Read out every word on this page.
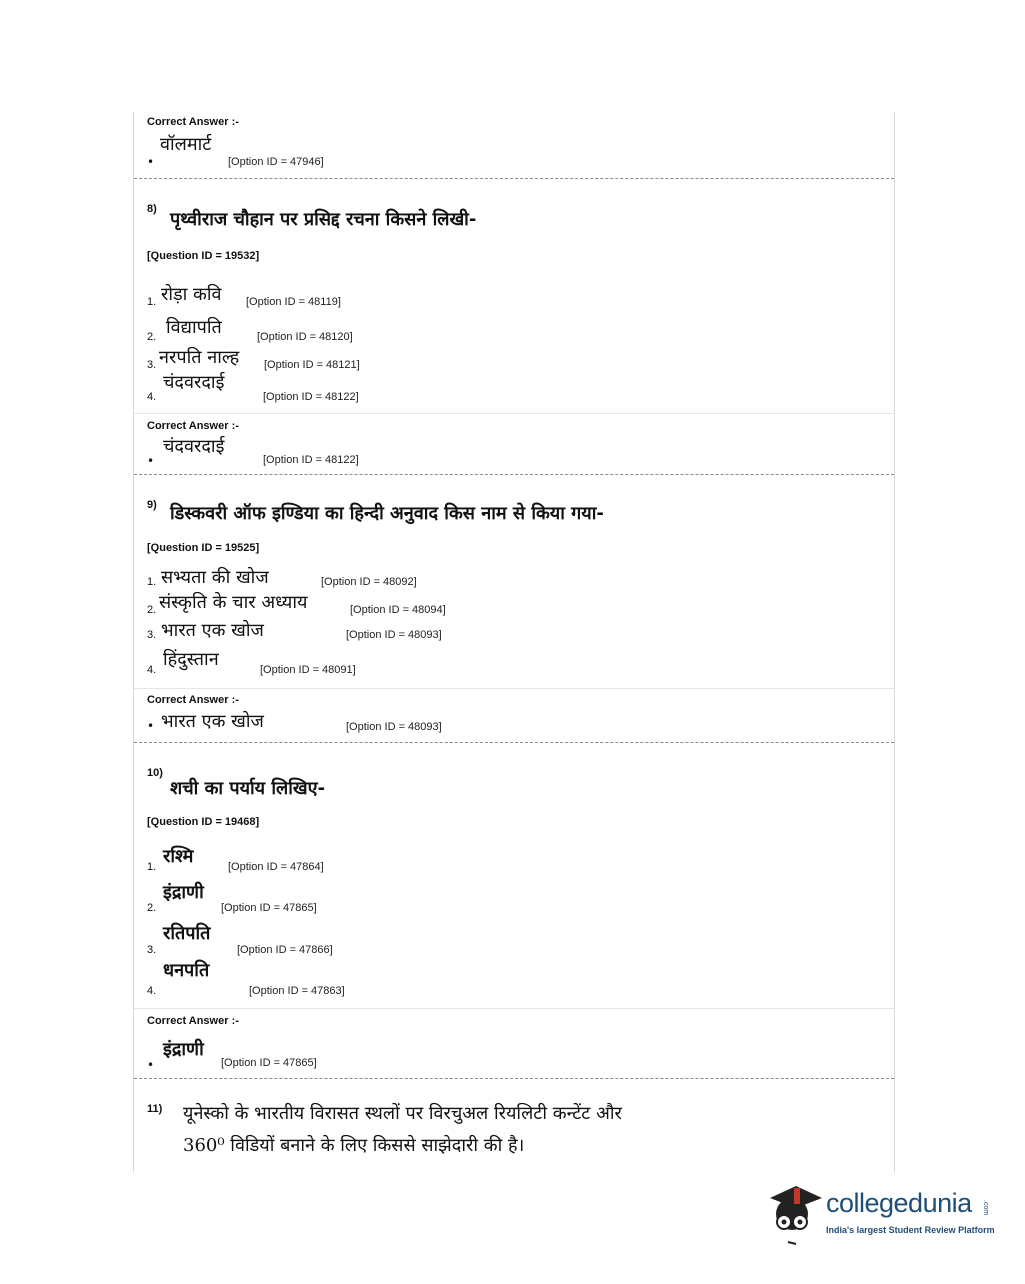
Correct Answer :-
वॉलमार्ट
•	[Option ID = 47946]
8) पृथ्वीराज चौहान पर प्रसिद्द रचना किसने लिखी-
[Question ID = 19532]
1. रोड़ा कवि [Option ID = 48119]
2. विद्यापति	[Option ID = 48120]
3. नरपति नाल्ह [Option ID = 48121]
4.
चंदवरदाई
[Option ID = 48122]
Correct Answer :-
चंदवरदाई
•	[Option ID = 48122]
9) डिस्कवरी ऑफ इण्डिया का हिन्दी अनुवाद किस नाम से किया गया-
[Question ID = 19525]
1. सभ्यता की खोज	[Option ID = 48092]
2. संस्कृति के चार अध्याय	[Option ID = 48094]
3. भारत एक खोज	[Option ID = 48093]
4. हिंदुस्तान	[Option ID = 48091]
Correct Answer :-
• भारत एक खोज	[Option ID = 48093]
10)
शची का पर्याय लिखिए-
[Question ID = 19468]
1. रश्मि	[Option ID = 47864]
2.
इंद्राणी
[Option ID = 47865]
3.
रतिपति
[Option ID = 47866]
4.
धनपति
[Option ID = 47863]
Correct Answer :-
इंद्राणी
•	[Option ID = 47865]
11) यूनेस्को के भारतीय विरासत स्थलों पर विरचुअल रियलिटी कन्टेंट और
360⁰ विडियों बनाने के लिए किससे साझेदारी की है।
collegedunia .com
India's largest Student Review Platform
